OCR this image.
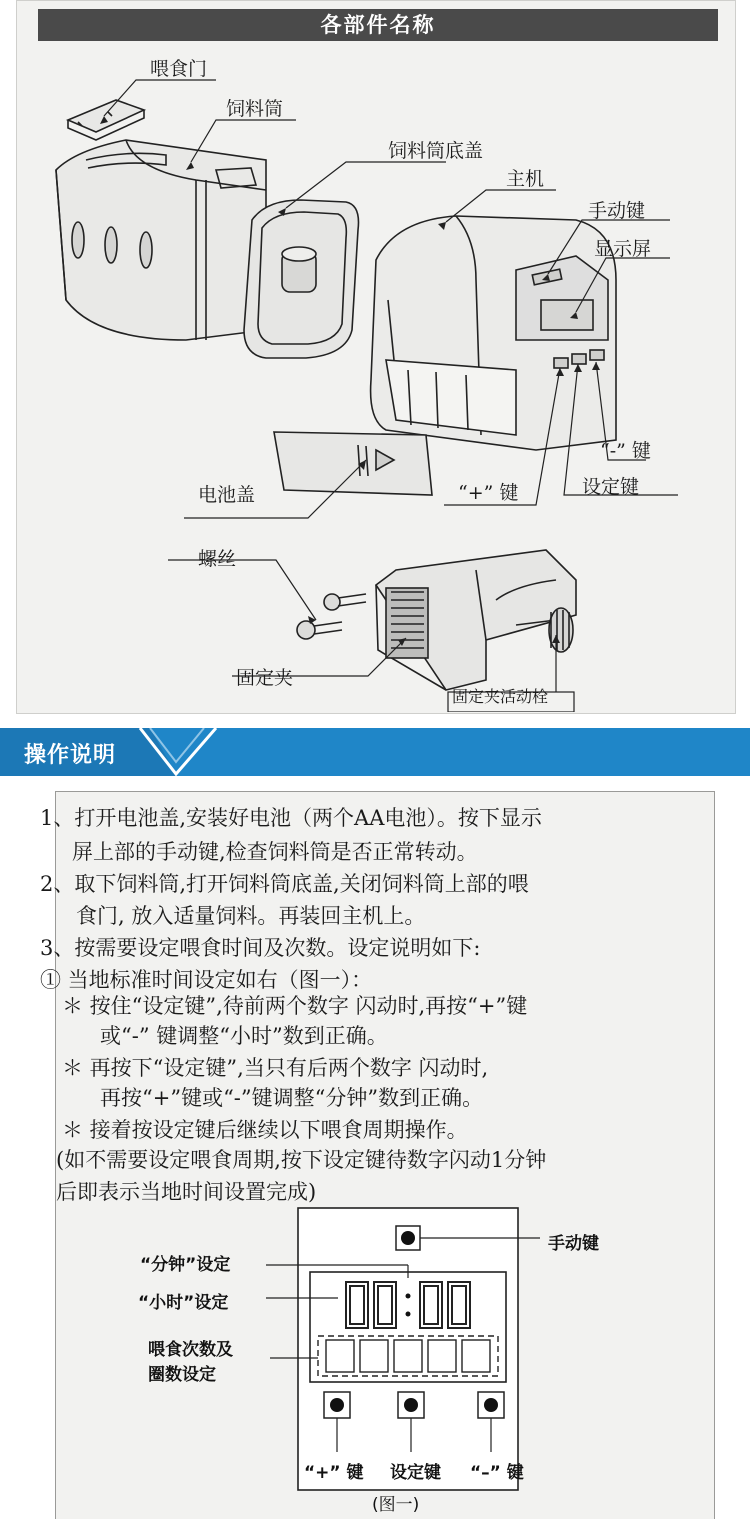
各部件名称
喂食门
饲料筒
饲料筒底盖
主机
手动键
显示屏
“-” 键
“+” 键	设定键
电池盖
螺丝
固定夹
固定夹活动栓
操作说明
1、打开电池盖,安装好电池（两个AA电池）。按下显示
屏上部的手动键,检查饲料筒是否正常转动。
2、取下饲料筒,打开饲料筒底盖,关闭饲料筒上部的喂
食门, 放入适量饲料。再装回主机上。
3、按需要设定喂食时间及次数。设定说明如下:
① 当地标准时间设定如右（图一）：
＊ 按住“设定键”,待前两个数字 闪动时,再按“+”键
或“-” 键调整“小时”数到正确。
＊ 再按下“设定键”,当只有后两个数字 闪动时,
再按“+”键或“-”键调整“分钟”数到正确。
＊ 接着按设定键后继续以下喂食周期操作。
(如不需要设定喂食周期,按下设定键待数字闪动1分钟
后即表示当地时间设置完成)
手动键
“分钟”设定
“小时”设定
喂食次数及
圈数设定
“+” 键 设定键 “–” 键
(图一)
